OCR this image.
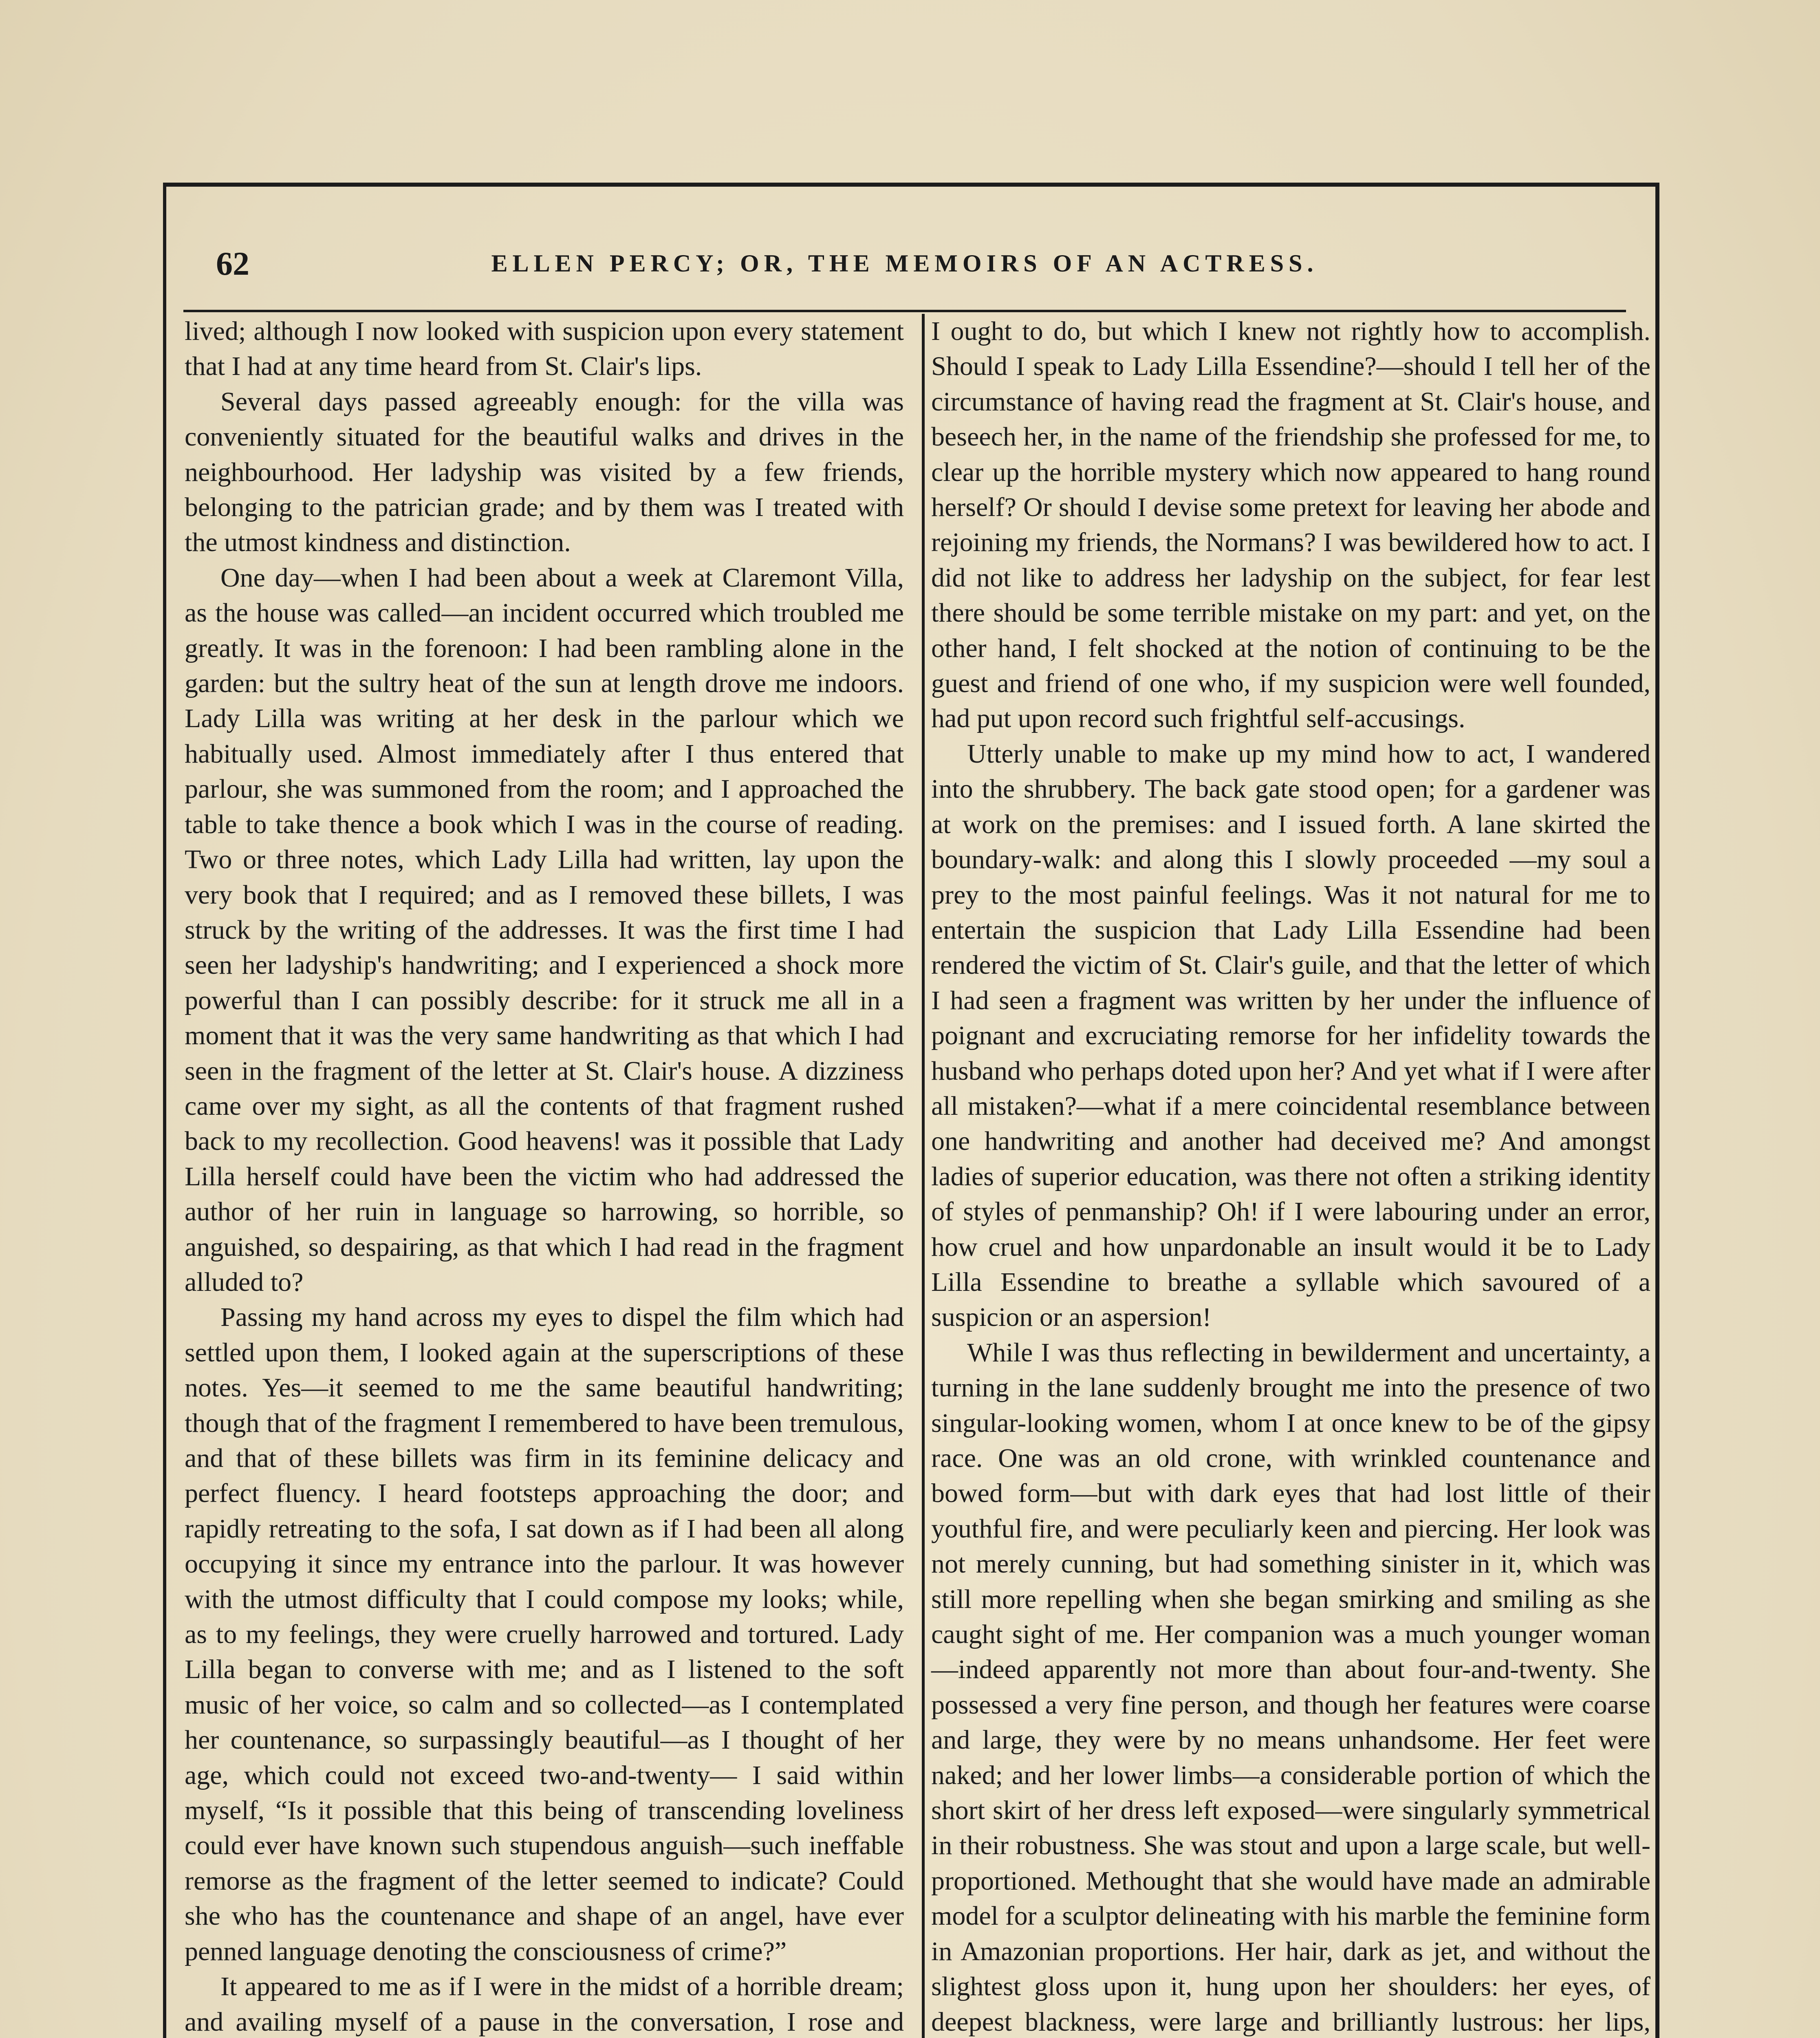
62	ELLEN PERCY; OR, THE MEMOIRS OF AN ACTRESS.

lived; although I now looked with suspicion upon every statement that I had at any time heard from St. Clair's lips.

Several days passed agreeably enough: for the villa was conveniently situated for the beautiful walks and drives in the neighbourhood. Her ladyship was visited by a few friends, belonging to the patrician grade; and by them was I treated with the utmost kindness and distinction.

One day—when I had been about a week at Claremont Villa, as the house was called—an incident occurred which troubled me greatly. It was in the forenoon: I had been rambling alone in the garden: but the sultry heat of the sun at length drove me indoors. Lady Lilla was writing at her desk in the parlour which we habitually used. Almost immediately after I thus entered that parlour, she was summoned from the room; and I approached the table to take thence a book which I was in the course of reading. Two or three notes, which Lady Lilla had written, lay upon the very book that I required; and as I removed these billets, I was struck by the writing of the addresses. It was the first time I had seen her ladyship's handwriting; and I experienced a shock more powerful than I can possibly describe: for it struck me all in a moment that it was the very same handwriting as that which I had seen in the fragment of the letter at St. Clair's house. A dizziness came over my sight, as all the contents of that fragment rushed back to my recollection. Good heavens! was it possible that Lady Lilla herself could have been the victim who had addressed the author of her ruin in language so harrowing, so horrible, so anguished, so despairing, as that which I had read in the fragment alluded to?

Passing my hand across my eyes to dispel the film which had settled upon them, I looked again at the superscriptions of these notes. Yes—it seemed to me the same beautiful handwriting; though that of the fragment I remembered to have been tremulous, and that of these billets was firm in its feminine delicacy and perfect fluency. I heard footsteps approaching the door; and rapidly retreating to the sofa, I sat down as if I had been all along occupying it since my entrance into the parlour. It was however with the utmost difficulty that I could compose my looks; while, as to my feelings, they were cruelly harrowed and tortured. Lady Lilla began to converse with me; and as I listened to the soft music of her voice, so calm and so collected—as I contemplated her countenance, so surpassingly beautiful—as I thought of her age, which could not exceed two-and-twenty— I said within myself, “Is it possible that this being of transcending loveliness could ever have known such stupendous anguish—such ineffable remorse as the fragment of the letter seemed to indicate? Could she who has the countenance and shape of an angel, have ever penned language denoting the consciousness of crime?”

It appeared to me as if I were in the midst of a horrible dream; and availing myself of a pause in the conversation, I rose and

I ought to do, but which I knew not rightly how to accomplish. Should I speak to Lady Lilla Essendine?—should I tell her of the circumstance of having read the fragment at St. Clair's house, and beseech her, in the name of the friendship she professed for me, to clear up the horrible mystery which now appeared to hang round herself? Or should I devise some pretext for leaving her abode and rejoining my friends, the Normans? I was bewildered how to act. I did not like to address her ladyship on the subject, for fear lest there should be some terrible mistake on my part: and yet, on the other hand, I felt shocked at the notion of continuing to be the guest and friend of one who, if my suspicion were well founded, had put upon record such frightful self-accusings.

Utterly unable to make up my mind how to act, I wandered into the shrubbery. The back gate stood open; for a gardener was at work on the premises: and I issued forth. A lane skirted the boundary-walk: and along this I slowly proceeded —my soul a prey to the most painful feelings. Was it not natural for me to entertain the suspicion that Lady Lilla Essendine had been rendered the victim of St. Clair's guile, and that the letter of which I had seen a fragment was written by her under the influence of poignant and excruciating remorse for her infidelity towards the husband who perhaps doted upon her? And yet what if I were after all mistaken?—what if a mere coincidental resemblance between one handwriting and another had deceived me? And amongst ladies of superior education, was there not often a striking identity of styles of penmanship? Oh! if I were labouring under an error, how cruel and how unpardonable an insult would it be to Lady Lilla Essendine to breathe a syllable which savoured of a suspicion or an aspersion!

While I was thus reflecting in bewilderment and uncertainty, a turning in the lane suddenly brought me into the presence of two singular-looking women, whom I at once knew to be of the gipsy race. One was an old crone, with wrinkled countenance and bowed form—but with dark eyes that had lost little of their youthful fire, and were peculiarly keen and piercing. Her look was not merely cunning, but had something sinister in it, which was still more repelling when she began smirking and smiling as she caught sight of me. Her companion was a much younger woman—indeed apparently not more than about four-and-twenty. She possessed a very fine person, and though her features were coarse and large, they were by no means unhandsome. Her feet were naked; and her lower limbs—a considerable portion of which the short skirt of her dress left exposed—were singularly symmetrical in their robustness. She was stout and upon a large scale, but well-proportioned. Methought that she would have made an admirable model for a sculptor delineating with his marble the feminine form in Amazonian proportions. Her hair, dark as jet, and without the slightest gloss upon it, hung upon her shoulders: her eyes, of deepest blackness, were large and brilliantly lustrous: her lips,
